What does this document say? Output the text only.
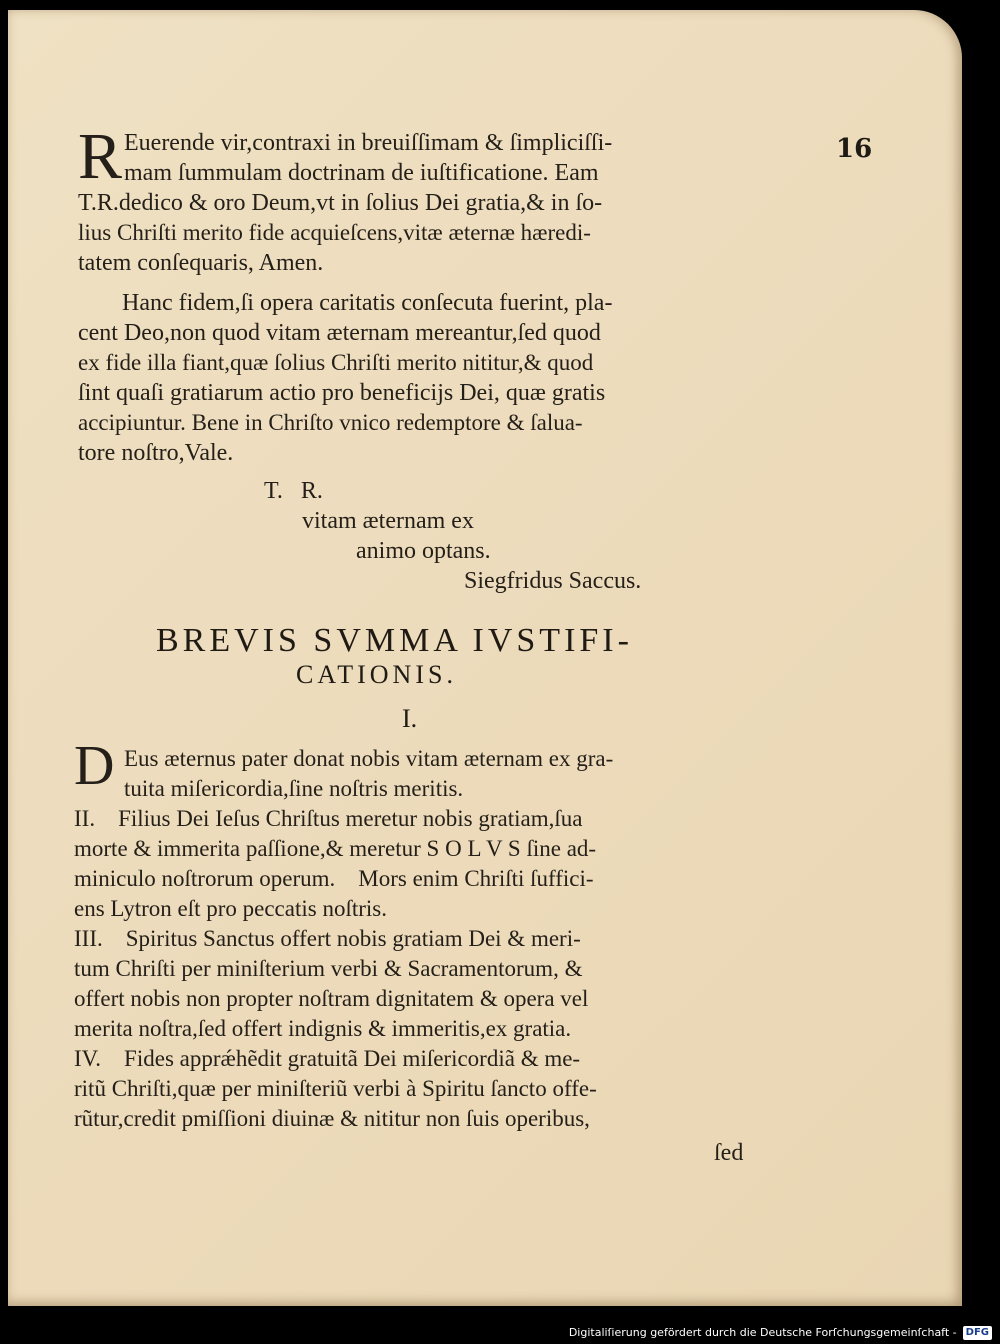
16
R Euerende vir,contraxi in breuiſſimam & ſimpliciſſi-
mam ſummulam doctrinam de iuſtificatione. Eam
T.R.dedico & oro Deum,vt in ſolius Dei gratia,& in ſo-
lius Chriſti merito fide acquieſcens,vitæ æternæ hæredi-
tatem conſequaris, Amen.
Hanc fidem,ſi opera caritatis conſecuta fuerint, pla-
cent Deo,non quod vitam æternam mereantur,ſed quod
ex fide illa fiant,quæ ſolius Chriſti merito nititur,& quod
ſint quaſi gratiarum actio pro beneficijs Dei, quæ gratis
accipiuntur. Bene in Chriſto vnico redemptore & ſalua-
tore noſtro,Vale.
T.   R.
vitam æternam ex
animo optans.
Siegfridus Saccus.
BREVIS SVMMA IVSTIFI-
CATIONIS.
I.
D Eus æternus pater donat nobis vitam æternam ex gra-
tuita miſericordia,ſine noſtris meritis.
II.    Filius Dei Ieſus Chriſtus meretur nobis gratiam,ſua
morte & immerita paſſione,& meretur S O L V S ſine ad-
miniculo noſtrorum operum.    Mors enim Chriſti ſuffici-
ens Lytron eſt pro peccatis noſtris.
III.    Spiritus Sanctus offert nobis gratiam Dei & meri-
tum Chriſti per miniſterium verbi & Sacramentorum, &
offert nobis non propter noſtram dignitatem & opera vel
merita noſtra,ſed offert indignis & immeritis,ex gratia.
IV.    Fides apprǽhẽdit gratuitã Dei miſericordiã & me-
ritũ Chriſti,quæ per miniſteriũ verbi à Spiritu ſancto offe-
rũtur,credit pmiſſioni diuinæ & nititur non ſuis operibus,
ſed
Digitaliſierung gefördert durch die Deutsche Forſchungsgemeinſchaft - DFG
